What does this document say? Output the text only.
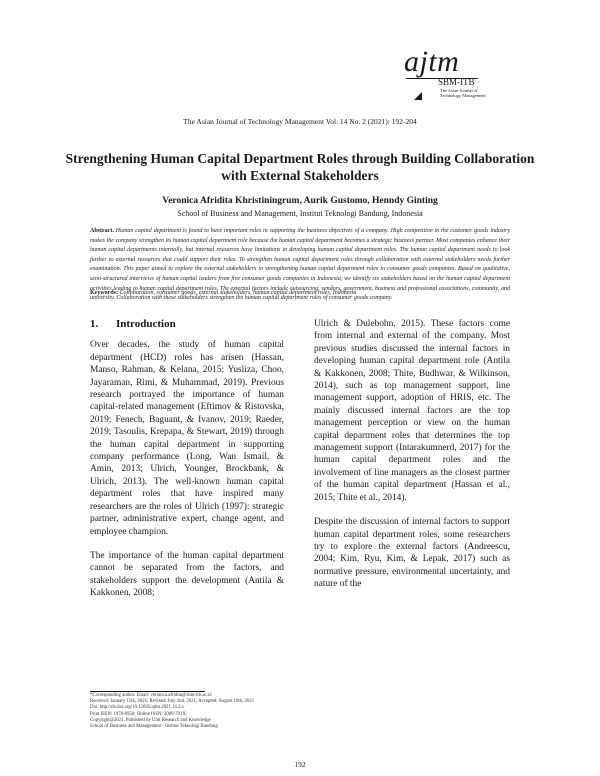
ajtm
SBM-ITB
The Asian Journal of Technology Management
The Asian Journal of Technology Management Vol. 14 No. 2 (2021): 192-204
Strengthening Human Capital Department Roles through Building Collaboration with External Stakeholders
Veronica Afridita Khristiningrum, Aurik Gustomo, Henndy Ginting
School of Business and Management, Institut Teknologi Bandung, Indonesia
Abstract. Human capital department is found to have important roles in supporting the business objectives of a company. High competition in the customer goods industry makes the company strengthen its human capital department role because the human capital department becomes a strategic business partner. Most companies enhance their human capital departments internally, but internal resources have limitations in developing human capital department roles. The human capital department needs to look further to external resources that could support their roles. To strengthen human capital department roles through collaboration with external stakeholders needs further examination. This paper aimed to explore the external stakeholders in strengthening human capital department roles in consumer goods companies. Based on qualitative, semi-structured interviews of human capital leaders from five consumer goods companies in Indonesia, we identify six stakeholders based on the human capital department activities leading to human capital department roles. The external factors include outsourcing, vendors, government, business and professional associations, community, and university. Collaboration with these stakeholders strengthen the human capital department roles of consumer goods company.
Keywords: Collaboration, consumer goods, external stakeholders, human capital department roles, Indonesia

1. Introduction

Over decades, the study of human capital department (HCD) roles has arisen (Hassan, Manso, Rahman, & Kelana, 2015; Yusliza, Choo, Jayaraman, Rimi, & Muhammad, 2019). Previous research portrayed the importance of human capital-related management (Eftimov & Ristovska, 2019; Fenech, Baguant, & Ivanov, 2019; Raeder, 2019; Tasoulis, Krepapa, & Stewart, 2019) through the human capital department in supporting company performance (Long, Wan Ismail, & Amin, 2013; Ulrich, Younger, Brockbank, & Ulrich, 2013). The well-known human capital department roles that have inspired many researchers are the roles of Ulrich (1997): strategic partner, administrative expert, change agent, and employee champion.

The importance of the human capital department cannot be separated from the factors, and stakeholders support the development (Antila & Kakkonen, 2008;

Ulrich & Dulebohn, 2015). These factors come from internal and external of the company. Most previous studies discussed the internal factors in developing human capital department role (Antila & Kakkonen, 2008; Thite, Budhwar, & Wilkinson, 2014), such as top management support, line management support, adoption of HRIS, etc. The mainly discussed internal factors are the top management perception or view on the human capital department roles that determines the top management support (Intarakumnerd, 2017) for the human capital department roles and the involvement of line managers as the closest partner of the human capital department (Hassan et al., 2015; Thite et al., 2014).

Despite the discussion of internal factors to support human capital department roles, some researchers try to explore the external factors (Andreescu, 2004; Kim, Ryu, Kim, & Lepak, 2017) such as normative pressure, environmental uncertainty, and nature of the

*Corresponding author. Email: veronica.afridita@sbm-itb.ac.id
Received: January 15th, 2021; Revised: July 2nd, 2021; Accepted: August 19th, 2021
Doi: http://dx.doi.org/10.12695/ajtm.2021.14.2.x
Print ISSN: 1978-6956; Online ISSN: 2089-791X.
Copyright@2021. Published by Unit Research and Knowledge
School of Business and Management - Institut Teknologi Bandung
192
